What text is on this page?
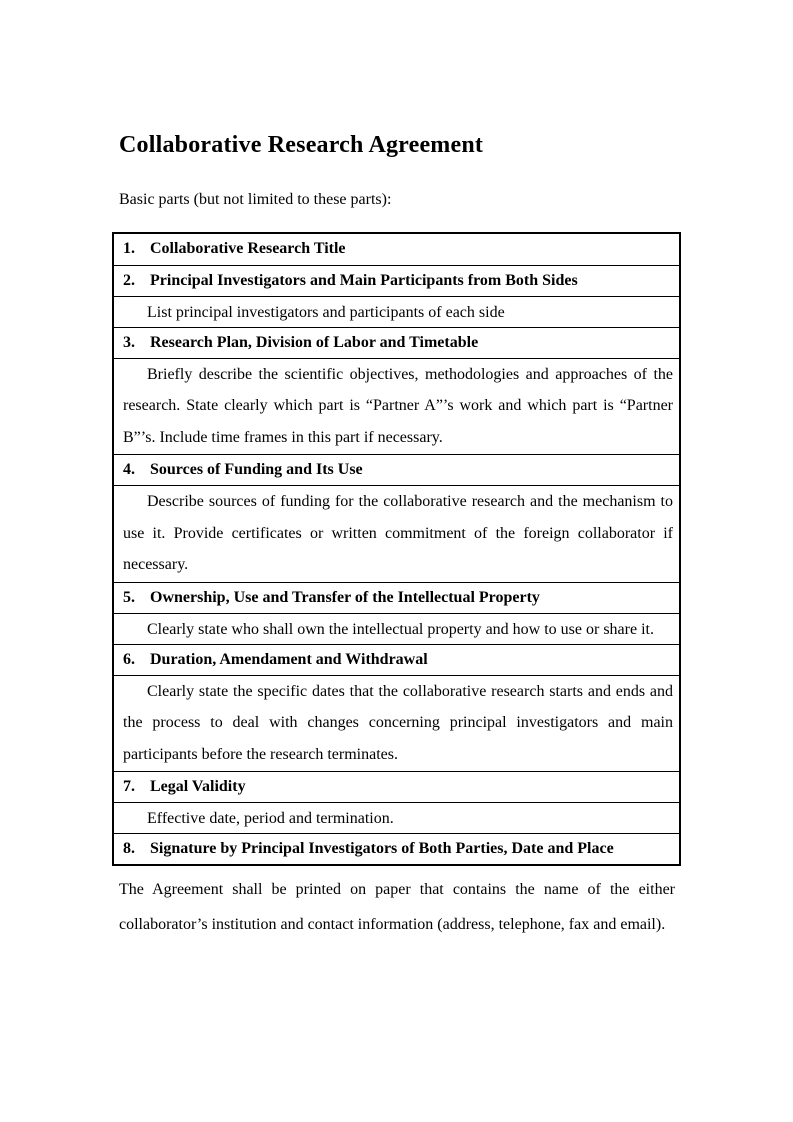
Collaborative Research Agreement

Basic parts (but not limited to these parts):

1. Collaborative Research Title
2. Principal Investigators and Main Participants from Both Sides
List principal investigators and participants of each side
3. Research Plan, Division of Labor and Timetable
Briefly describe the scientific objectives, methodologies and approaches of the research. State clearly which part is “Partner A”’s work and which part is “Partner B”’s. Include time frames in this part if necessary.
4. Sources of Funding and Its Use
Describe sources of funding for the collaborative research and the mechanism to use it. Provide certificates or written commitment of the foreign collaborator if necessary.
5. Ownership, Use and Transfer of the Intellectual Property
Clearly state who shall own the intellectual property and how to use or share it.
6. Duration, Amendament and Withdrawal
Clearly state the specific dates that the collaborative research starts and ends and the process to deal with changes concerning principal investigators and main participants before the research terminates.
7. Legal Validity
Effective date, period and termination.
8. Signature by Principal Investigators of Both Parties, Date and Place

The Agreement shall be printed on paper that contains the name of the either collaborator’s institution and contact information (address, telephone, fax and email).
